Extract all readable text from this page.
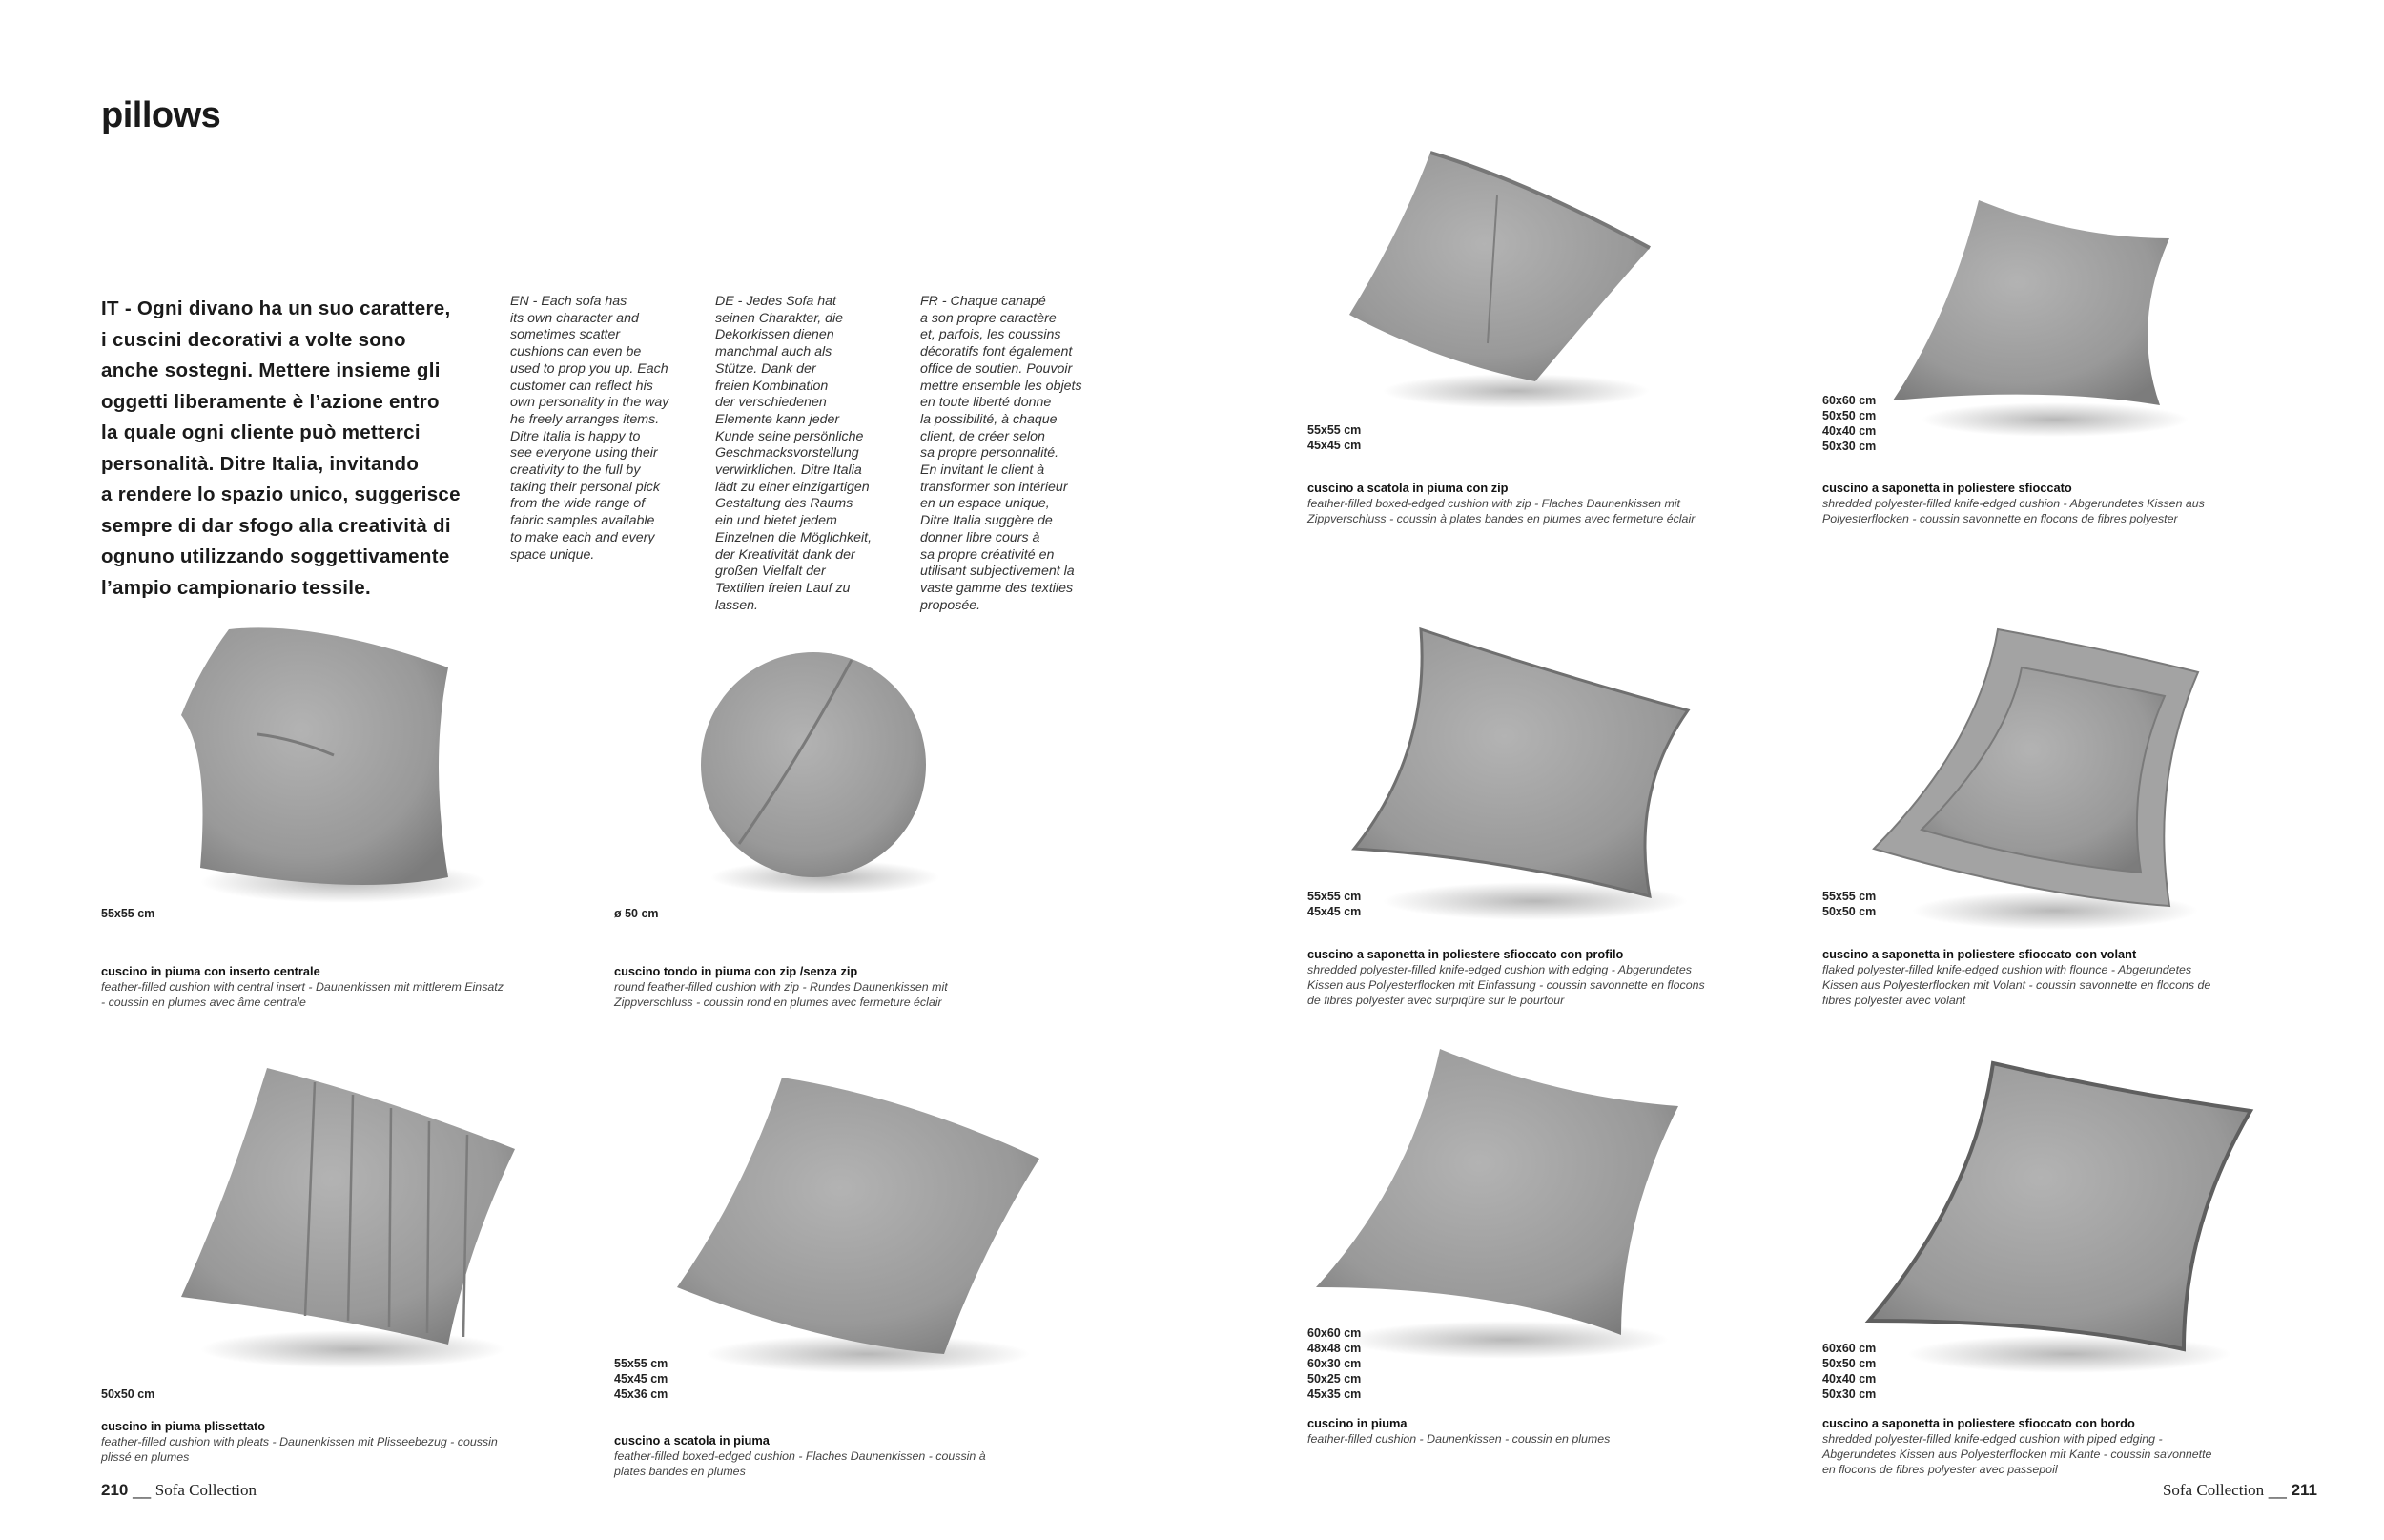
pillows
IT - Ogni divano ha un suo carattere,
i cuscini decorativi a volte sono
anche sostegni. Mettere insieme gli
oggetti liberamente è l’azione entro
la quale ogni cliente può metterci
personalità. Ditre Italia, invitando
a rendere lo spazio unico, suggerisce
sempre di dar sfogo alla creatività di
ognuno utilizzando soggettivamente
l’ampio campionario tessile.
EN - Each sofa has
its own character and
sometimes scatter
cushions can even be
used to prop you up. Each
customer can reflect his
own personality in the way
he freely arranges items.
Ditre Italia is happy to
see everyone using their
creativity to the full by
taking their personal pick
from the wide range of
fabric samples available
to make each and every
space unique.
DE - Jedes Sofa hat
seinen Charakter, die
Dekorkissen dienen
manchmal auch als
Stütze. Dank der
freien Kombination
der verschiedenen
Elemente kann jeder
Kunde seine persönliche
Geschmacksvorstellung
verwirklichen. Ditre Italia
lädt zu einer einzigartigen
Gestaltung des Raums
ein und bietet jedem
Einzelnen die Möglichkeit,
der Kreativität dank der
großen Vielfalt der
Textilien freien Lauf zu
lassen.
FR - Chaque canapé
a son propre caractère
et, parfois, les coussins
décoratifs font également
office de soutien. Pouvoir
mettre ensemble les objets
en toute liberté donne
la possibilité, à chaque
client, de créer selon
sa propre personnalité.
En invitant le client à
transformer son intérieur
en un espace unique,
Ditre Italia suggère de
donner libre cours à
sa propre créativité en
utilisant subjectivement la
vaste gamme des textiles
proposée.
55x55 cm
cuscino in piuma con inserto centrale
feather-filled cushion with central insert - Daunenkissen mit mittlerem Einsatz
- coussin en plumes avec âme centrale
ø 50 cm
cuscino tondo in piuma con zip /senza zip
round feather-filled cushion with zip - Rundes Daunenkissen mit
Zippverschluss - coussin rond en plumes avec fermeture éclair
50x50 cm
cuscino in piuma plissettato
feather-filled cushion with pleats - Daunenkissen mit Plisseebezug - coussin
plissé en plumes
55x55 cm
45x45 cm
45x36 cm
cuscino a scatola in piuma
feather-filled boxed-edged cushion - Flaches Daunenkissen - coussin à
plates bandes en plumes
55x55 cm
45x45 cm
cuscino a scatola in piuma con zip
feather-filled boxed-edged cushion with zip - Flaches Daunenkissen mit
Zippverschluss - coussin à plates bandes en plumes avec fermeture éclair
60x60 cm
50x50 cm
40x40 cm
50x30 cm
cuscino a saponetta in poliestere sfioccato
shredded polyester-filled knife-edged cushion - Abgerundetes Kissen aus
Polyesterflocken - coussin savonnette en flocons de fibres polyester
55x55 cm
45x45 cm
cuscino a saponetta in poliestere sfioccato con profilo
shredded polyester-filled knife-edged cushion with edging - Abgerundetes
Kissen aus Polyesterflocken mit Einfassung - coussin savonnette en flocons
de fibres polyester avec surpiqûre sur le pourtour
55x55 cm
50x50 cm
cuscino a saponetta in poliestere sfioccato con volant
flaked polyester-filled knife-edged cushion with flounce - Abgerundetes
Kissen aus Polyesterflocken mit Volant - coussin savonnette en flocons de
fibres polyester avec volant
60x60 cm
48x48 cm
60x30 cm
50x25 cm
45x35 cm
cuscino in piuma
feather-filled cushion - Daunenkissen - coussin en plumes
60x60 cm
50x50 cm
40x40 cm
50x30 cm
cuscino a saponetta in poliestere sfioccato con bordo
shredded polyester-filled knife-edged cushion with piped edging -
Abgerundetes Kissen aus Polyesterflocken mit Kante - coussin savonnette
en flocons de fibres polyester avec passepoil
210 __ Sofa Collection	Sofa Collection __ 211
